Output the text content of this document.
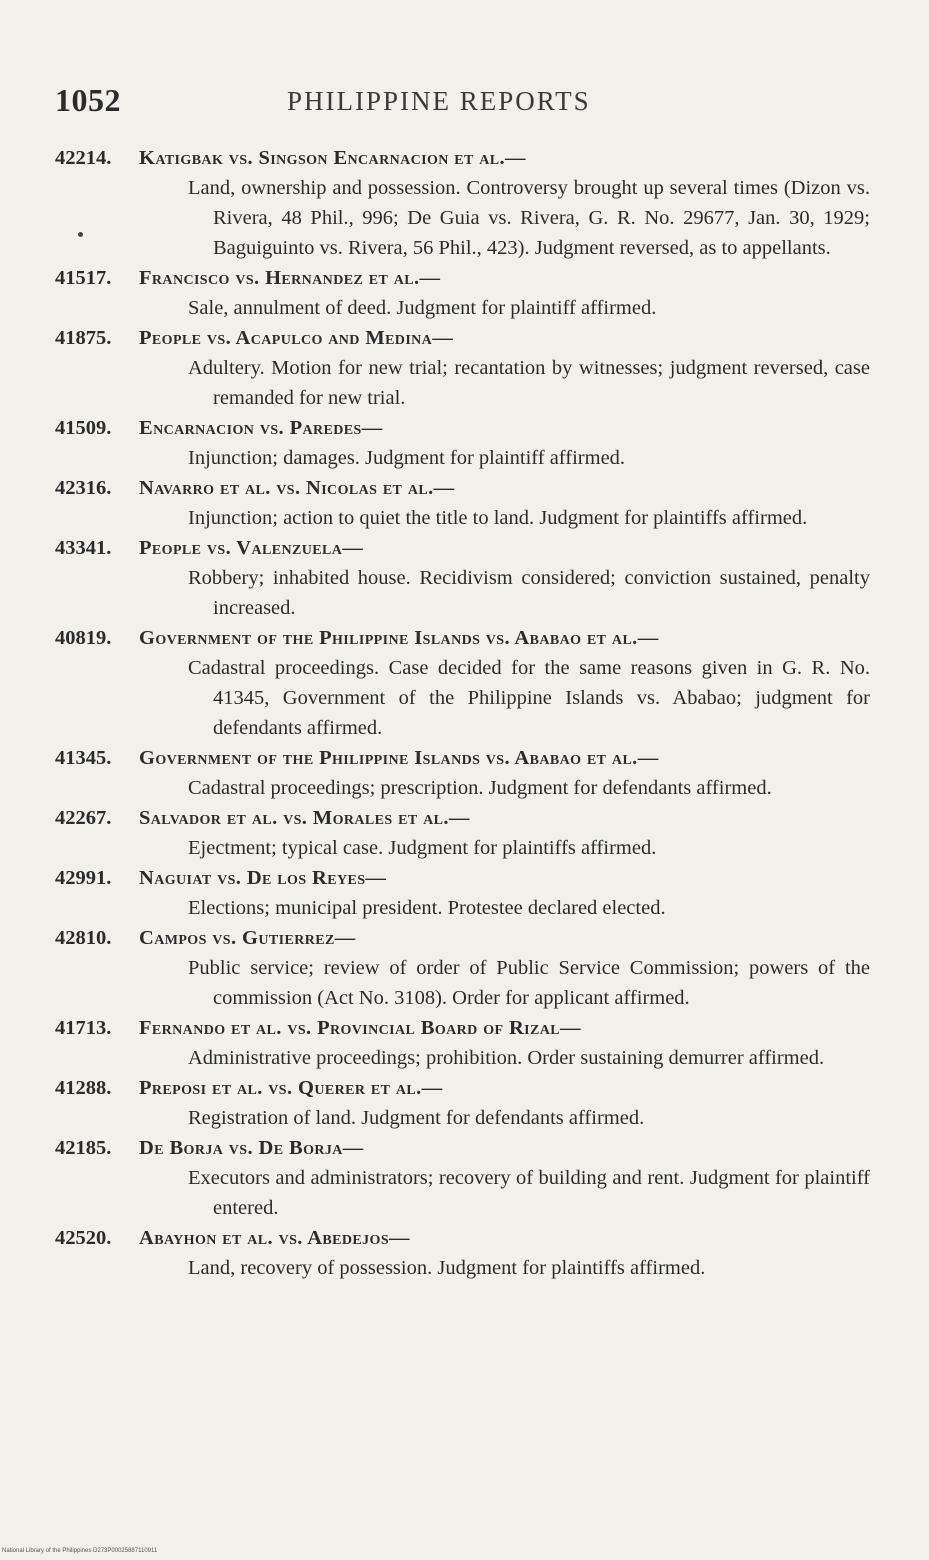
1052	PHILIPPINE REPORTS
42214. Katigbak vs. Singson Encarnacion et al.—
Land, ownership and possession. Controversy brought up several times (Dizon vs. Rivera, 48 Phil., 996; De Guia vs. Rivera, G. R. No. 29677, Jan. 30, 1929; Baguiguinto vs. Rivera, 56 Phil., 423). Judgment reversed, as to appellants.
41517. Francisco vs. Hernandez et al.—
Sale, annulment of deed. Judgment for plaintiff affirmed.
41875. People vs. Acapulco and Medina—
Adultery. Motion for new trial; recantation by witnesses; judgment reversed, case remanded for new trial.
41509. Encarnacion vs. Paredes—
Injunction; damages. Judgment for plaintiff affirmed.
42316. Navarro et al. vs. Nicolas et al.—
Injunction; action to quiet the title to land. Judgment for plaintiffs affirmed.
43341. People vs. Valenzuela—
Robbery; inhabited house. Recidivism considered; conviction sustained, penalty increased.
40819. Government of the Philippine Islands vs. Ababao et al.—
Cadastral proceedings. Case decided for the same reasons given in G. R. No. 41345, Government of the Philippine Islands vs. Ababao; judgment for defendants affirmed.
41345. Government of the Philippine Islands vs. Ababao et al.—
Cadastral proceedings; prescription. Judgment for defendants affirmed.
42267. Salvador et al. vs. Morales et al.—
Ejectment; typical case. Judgment for plaintiffs affirmed.
42991. Naguiat vs. De los Reyes—
Elections; municipal president. Protestee declared elected.
42810. Campos vs. Gutierrez—
Public service; review of order of Public Service Commission; powers of the commission (Act No. 3108). Order for applicant affirmed.
41713. Fernando et al. vs. Provincial Board of Rizal—
Administrative proceedings; prohibition. Order sustaining demurrer affirmed.
41288. Preposi et al. vs. Querer et al.—
Registration of land. Judgment for defendants affirmed.
42185. De Borja vs. De Borja—
Executors and administrators; recovery of building and rent. Judgment for plaintiff entered.
42520. Abayhon et al. vs. Abedejos—
Land, recovery of possession. Judgment for plaintiffs affirmed.
National Library of the Philippines D273P00025887110911
